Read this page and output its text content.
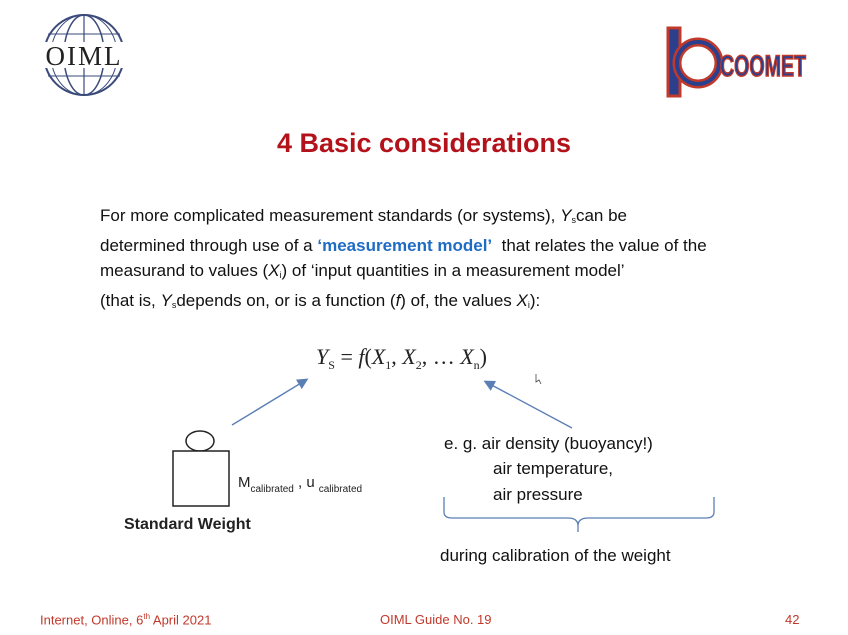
OIML	COOMET
4 Basic considerations
For more complicated measurement standards (or systems), $Y_scan$ be
determined through use of a ‘measurement model’  that relates the value of the
measurand to values $(X_i)$ of ‘input quantities in a measurement model’
(that is, $Y_sdepends$ on, or is a function (f) of, the values $X_i$):
$Y_S = f(X_1$, $X_2$, … $X_n$)
$M_{calibrated}$ , u $_{calibrated}$
Standard Weight
e. g. air density (buoyancy!)
air temperature,
air pressure
during calibration of the weight
Internet, Online, 6th April 2021	OIML Guide No. 19	42
